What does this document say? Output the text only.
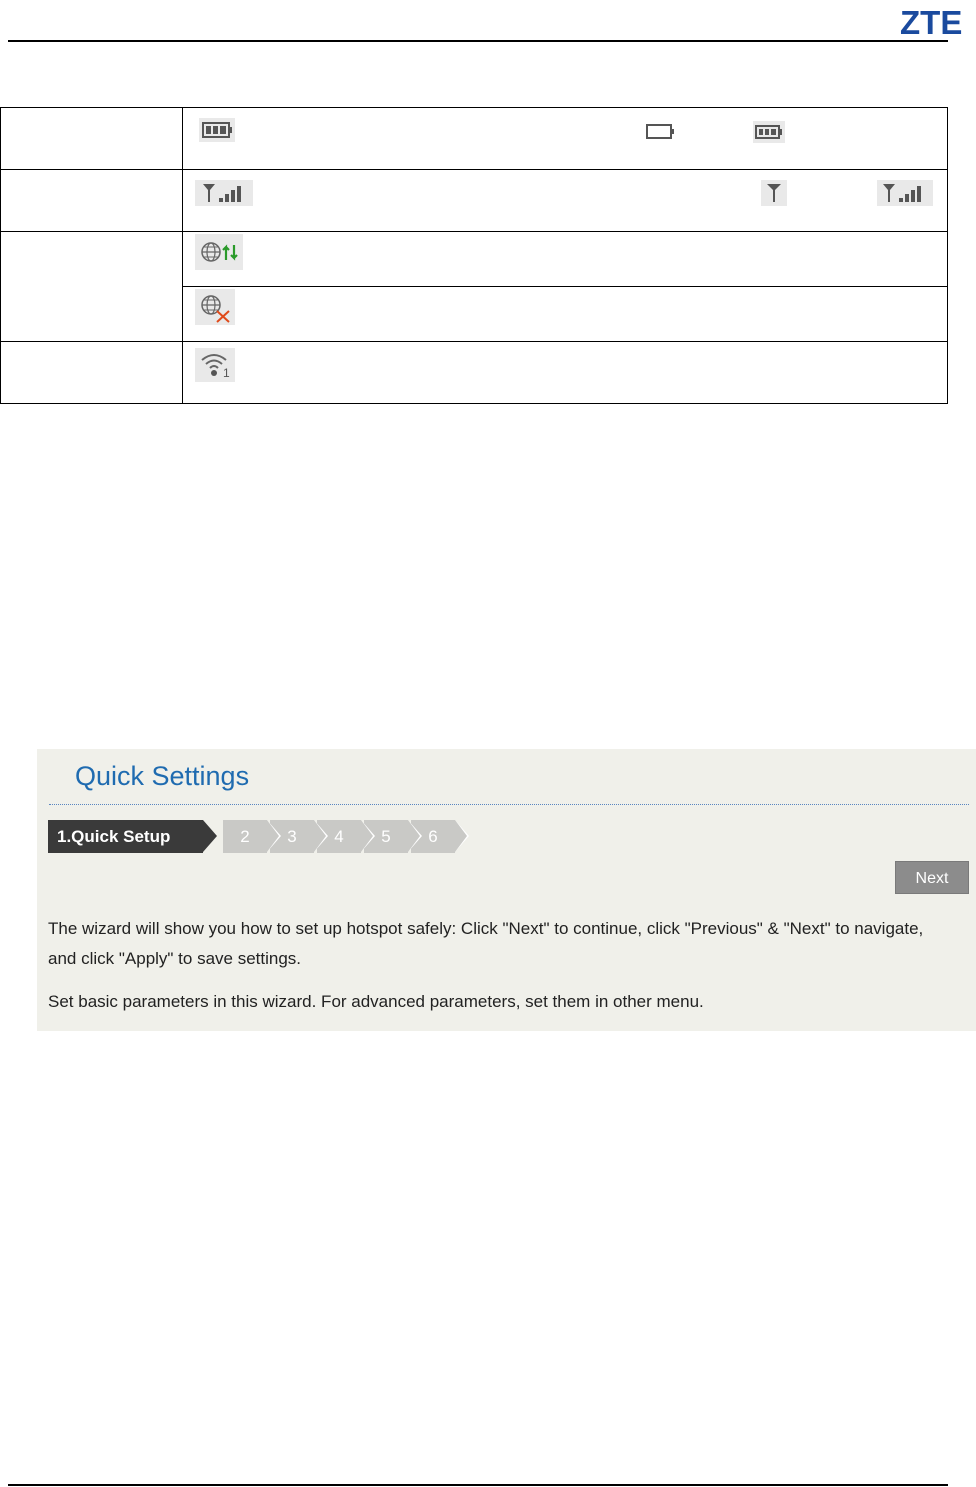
ZTE

	1
Quick Settings
6
5
4
3
2
1.Quick Setup
Next
The wizard will show you how to set up hotspot safely: Click "Next" to continue, click "Previous" & "Next" to navigate, and click "Apply" to save settings.
Set basic parameters in this wizard. For advanced parameters, set them in other menu.
